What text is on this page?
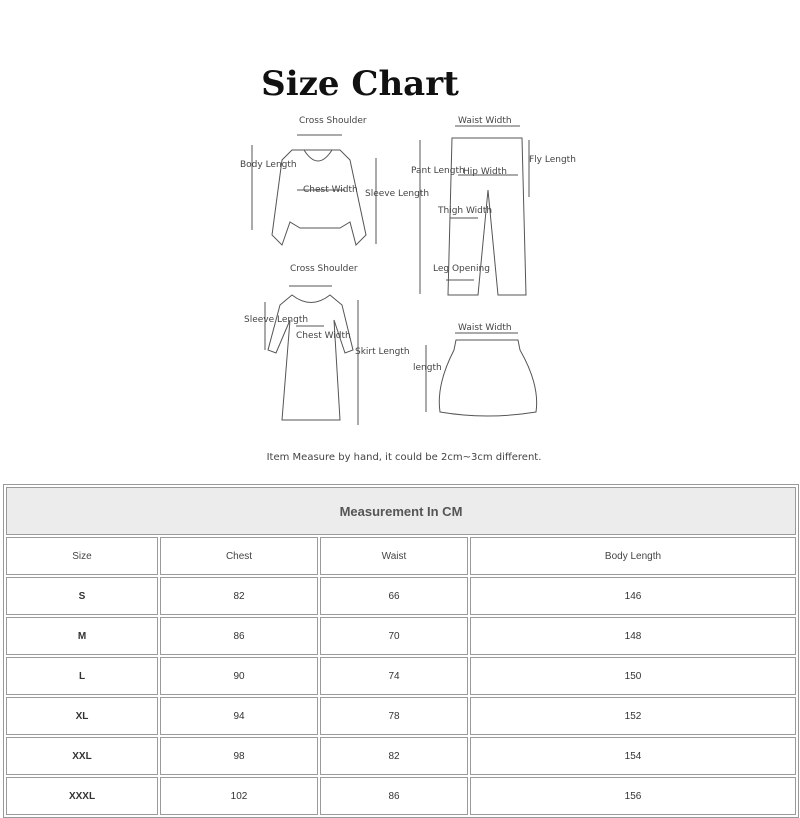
Size Chart
Cross Shoulder
Body Length
Chest Width Sleeve Length
Waist Width
Pant Length
Hip Width
Fly Length
Thigh Width
Leg Opening
Cross Shoulder
Sleeve Length
Chest Width
Skirt Length
Waist Width
length
Item Measure by hand, it could be 2cm~3cm different.
Measurement In CM			
Size	Chest	Waist	Body Length
S	82	66	146
M	86	70	148
L	90	74	150
XL	94	78	152
XXL	98	82	154
XXXL	102	86	156
